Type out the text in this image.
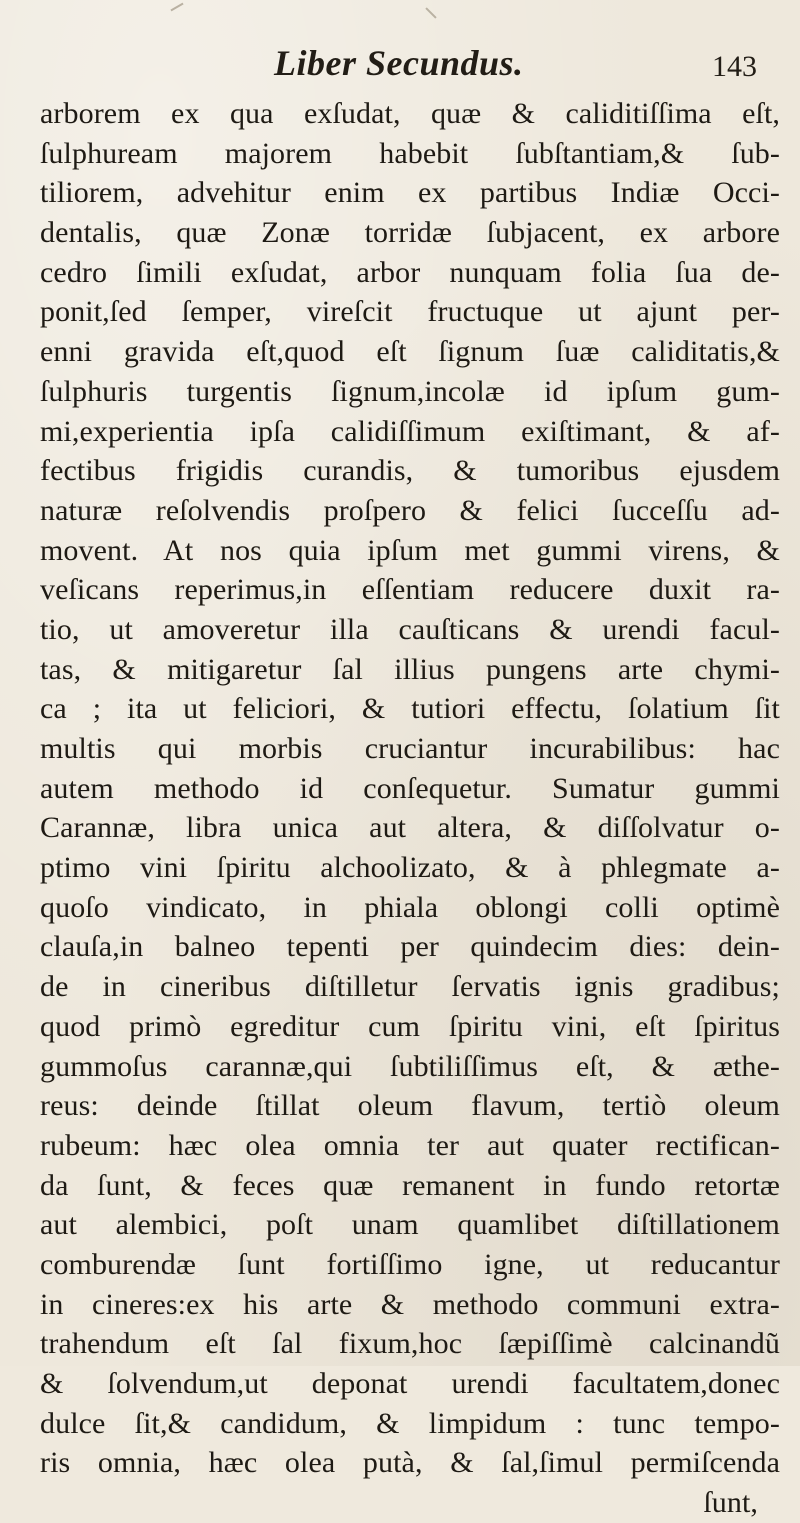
Liber Secundus.	143
arborem ex qua exſudat, quæ & caliditiſſima eſt,
ſulphuream majorem habebit ſubſtantiam,& ſub-
tiliorem, advehitur enim ex partibus Indiæ Occi-
dentalis, quæ Zonæ torridæ ſubjacent, ex arbore
cedro ſimili exſudat, arbor nunquam folia ſua de-
ponit,ſed ſemper, vireſcit fructuque ut ajunt per-
enni gravida eſt,quod eſt ſignum ſuæ caliditatis,&
ſulphuris turgentis ſignum,incolæ id ipſum gum-
mi,experientia ipſa calidiſſimum exiſtimant, & af-
fectibus frigidis curandis, & tumoribus ejusdem
naturæ reſolvendis proſpero & felici ſucceſſu ad-
movent. At nos quia ipſum met gummi virens, &
veſicans reperimus,in eſſentiam reducere duxit ra-
tio, ut amoveretur illa cauſticans & urendi facul-
tas, & mitigaretur ſal illius pungens arte chymi-
ca ; ita ut feliciori, & tutiori effectu, ſolatium ſit
multis qui morbis cruciantur incurabilibus: hac
autem methodo id conſequetur. Sumatur gummi
Carannæ, libra unica aut altera, & diſſolvatur o-
ptimo vini ſpiritu alchoolizato, & à phlegmate a-
quoſo vindicato, in phiala oblongi colli optimè
clauſa,in balneo tepenti per quindecim dies: dein-
de in cineribus diſtilletur ſervatis ignis gradibus;
quod primò egreditur cum ſpiritu vini, eſt ſpiritus
gummoſus carannæ,qui ſubtiliſſimus eſt, & æthe-
reus: deinde ſtillat oleum flavum, tertiò oleum
rubeum: hæc olea omnia ter aut quater rectifican-
da ſunt, & feces quæ remanent in fundo retortæ
aut alembici, poſt unam quamlibet diſtillationem
comburendæ ſunt fortiſſimo igne, ut reducantur
in cineres:ex his arte & methodo communi extra-
trahendum eſt ſal fixum,hoc ſæpiſſimè calcinandũ
& ſolvendum,ut deponat urendi facultatem,donec
dulce ſit,& candidum, & limpidum : tunc tempo-
ris omnia, hæc olea putà, & ſal,ſimul permiſcenda
ſunt,
